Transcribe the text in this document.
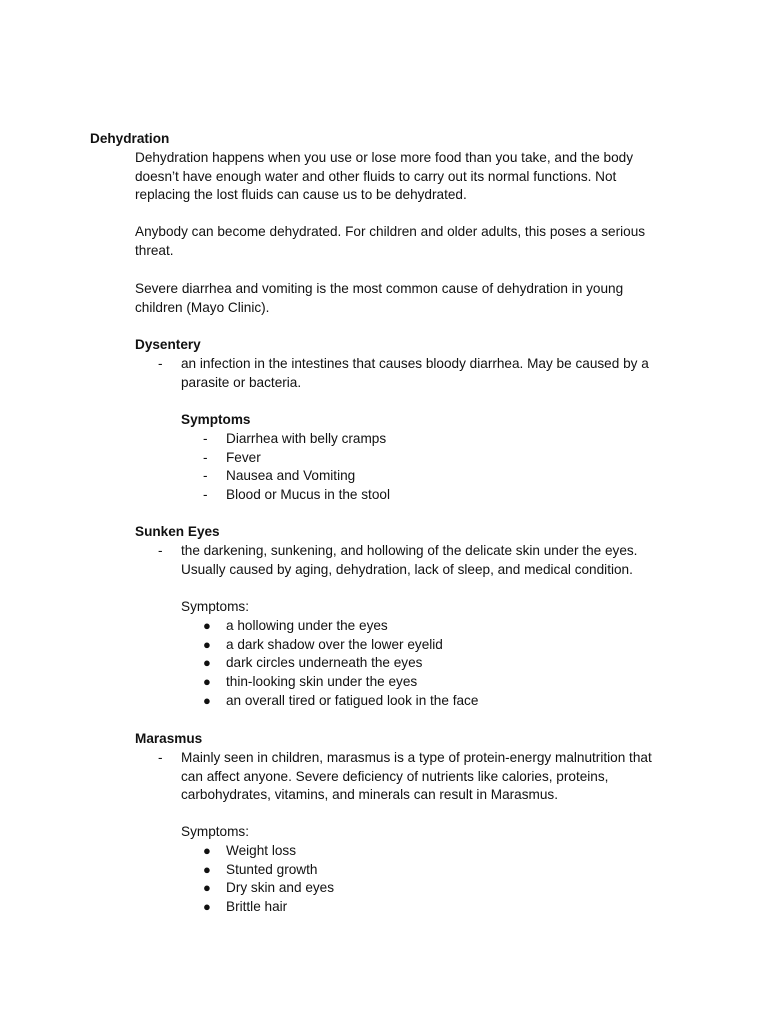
Dehydration
Dehydration happens when you use or lose more food than you take, and the body
doesn’t have enough water and other fluids to carry out its normal functions. Not
replacing the lost fluids can cause us to be dehydrated.
Anybody can become dehydrated. For children and older adults, this poses a serious
threat.
Severe diarrhea and vomiting is the most common cause of dehydration in young
children (Mayo Clinic).
Dysentery
- an infection in the intestines that causes bloody diarrhea. May be caused by a
parasite or bacteria.
Symptoms
-	Diarrhea with belly cramps
-	Fever
-	Nausea and Vomiting
-	Blood or Mucus in the stool
Sunken Eyes
- the darkening, sunkening, and hollowing of the delicate skin under the eyes.
Usually caused by aging, dehydration, lack of sleep, and medical condition.
Symptoms:
●	a hollowing under the eyes
●	a dark shadow over the lower eyelid
●	dark circles underneath the eyes
●	thin-looking skin under the eyes
●	an overall tired or fatigued look in the face
Marasmus
- Mainly seen in children, marasmus is a type of protein-energy malnutrition that
can affect anyone. Severe deficiency of nutrients like calories, proteins,
carbohydrates, vitamins, and minerals can result in Marasmus.
Symptoms:
●	Weight loss
●	Stunted growth
●	Dry skin and eyes
●	Brittle hair
